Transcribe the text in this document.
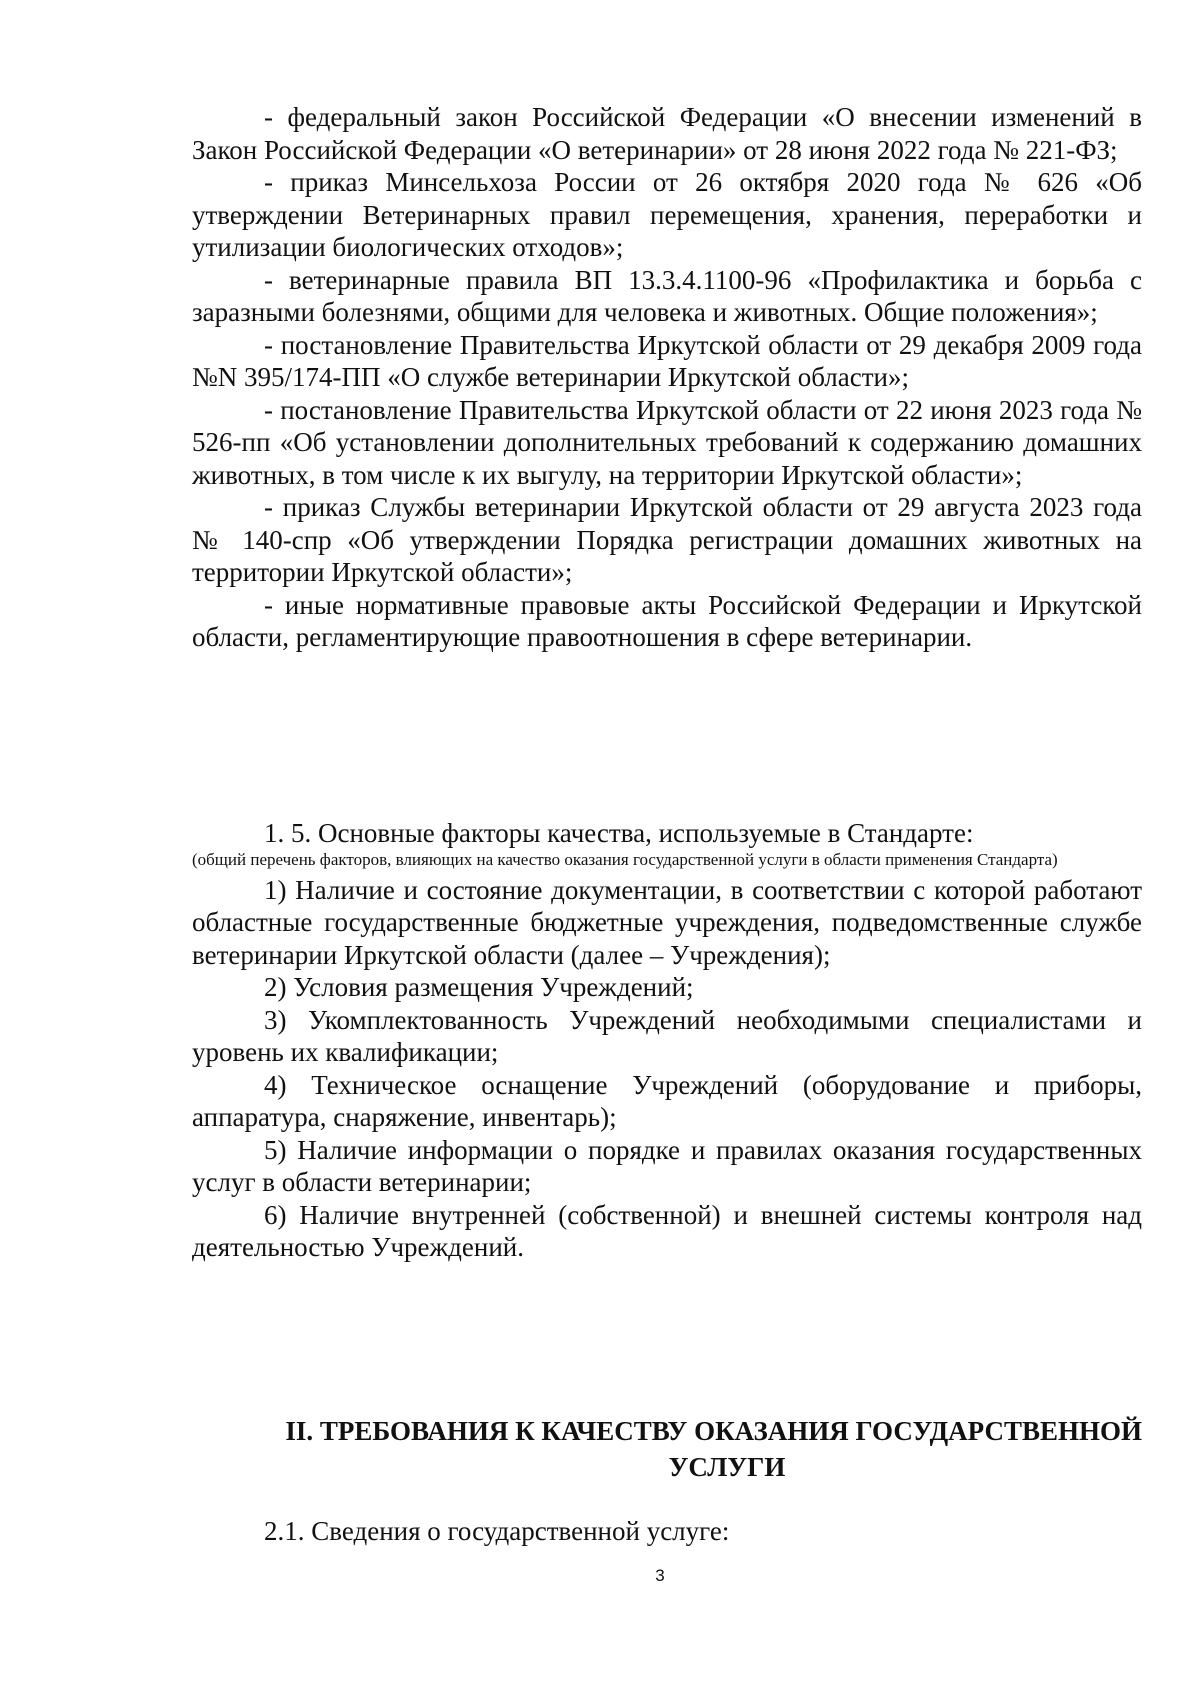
- федеральный закон Российской Федерации «О внесении изменений в Закон Российской Федерации «О ветеринарии» от 28 июня 2022 года № 221-ФЗ;

- приказ Минсельхоза России от 26 октября 2020 года № 626 «Об утверждении Ветеринарных правил перемещения, хранения, переработки и утилизации биологических отходов»;

- ветеринарные правила ВП 13.3.4.1100-96 «Профилактика и борьба с заразными болезнями, общими для человека и животных. Общие положения»;

- постановление Правительства Иркутской области от 29 декабря 2009 года №N 395/174-ПП «О службе ветеринарии Иркутской области»;

- постановление Правительства Иркутской области от 22 июня 2023 года № 526-пп «Об установлении дополнительных требований к содержанию домашних животных, в том числе к их выгулу, на территории Иркутской области»;

- приказ Службы ветеринарии Иркутской области от 29 августа 2023 года № 140-спр «Об утверждении Порядка регистрации домашних животных на территории Иркутской области»;

- иные нормативные правовые акты Российской Федерации и Иркутской области, регламентирующие правоотношения в сфере ветеринарии.

1. 5. Основные факторы качества, используемые в Стандарте:

(общий перечень факторов, влияющих на качество оказания государственной услуги в области применения Стандарта)

1) Наличие и состояние документации, в соответствии с которой работают областные государственные бюджетные учреждения, подведомственные службе ветеринарии Иркутской области (далее – Учреждения);

2) Условия размещения Учреждений;

3) Укомплектованность Учреждений необходимыми специалистами и уровень их квалификации;

4) Техническое оснащение Учреждений (оборудование и приборы, аппаратура, снаряжение, инвентарь);

5) Наличие информации о порядке и правилах оказания государственных услуг в области ветеринарии;

6) Наличие внутренней (собственной) и внешней системы контроля над деятельностью Учреждений.

II. ТРЕБОВАНИЯ К КАЧЕСТВУ ОКАЗАНИЯ ГОСУДАРСТВЕННОЙ
УСЛУГИ

2.1. Сведения о государственной услуге:

3
